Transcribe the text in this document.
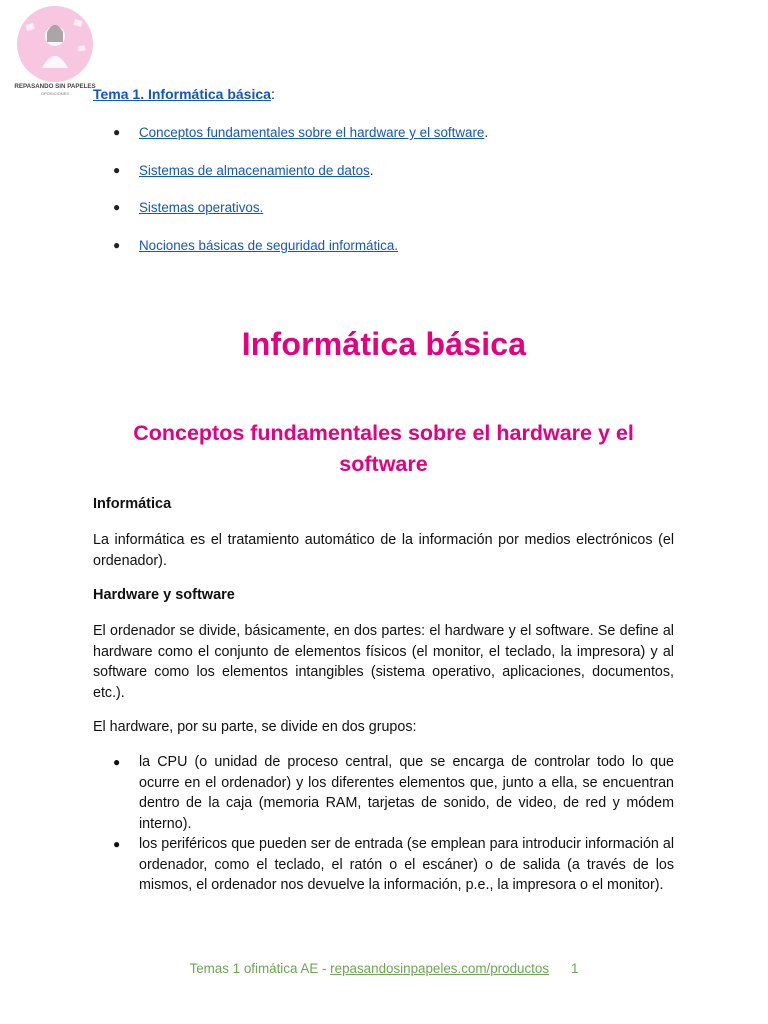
REPASANDO SIN PAPELES
OPOSICIONES Tema 1. Informática básica:
● Conceptos fundamentales sobre el hardware y el software.
● Sistemas de almacenamiento de datos.
● Sistemas operativos.
● Nociones básicas de seguridad informática.
Informática básica
Conceptos fundamentales sobre el hardware y el software
Informática

La informática es el tratamiento automático de la información por medios electrónicos (el ordenador).

Hardware y software

El ordenador se divide, básicamente, en dos partes: el hardware y el software. Se define al hardware como el conjunto de elementos físicos (el monitor, el teclado, la impresora) y al software como los elementos intangibles (sistema operativo, aplicaciones, documentos, etc.).

El hardware, por su parte, se divide en dos grupos:

● la CPU (o unidad de proceso central, que se encarga de controlar todo lo que ocurre en el ordenador) y los diferentes elementos que, junto a ella, se encuentran dentro de la caja (memoria RAM, tarjetas de sonido, de video, de red y módem interno).
● los periféricos que pueden ser de entrada (se emplean para introducir información al ordenador, como el teclado, el ratón o el escáner) o de salida (a través de los mismos, el ordenador nos devuelve la información, p.e., la impresora o el monitor).
Temas 1 ofimática AE - repasandosinpapeles.com/productos 1
